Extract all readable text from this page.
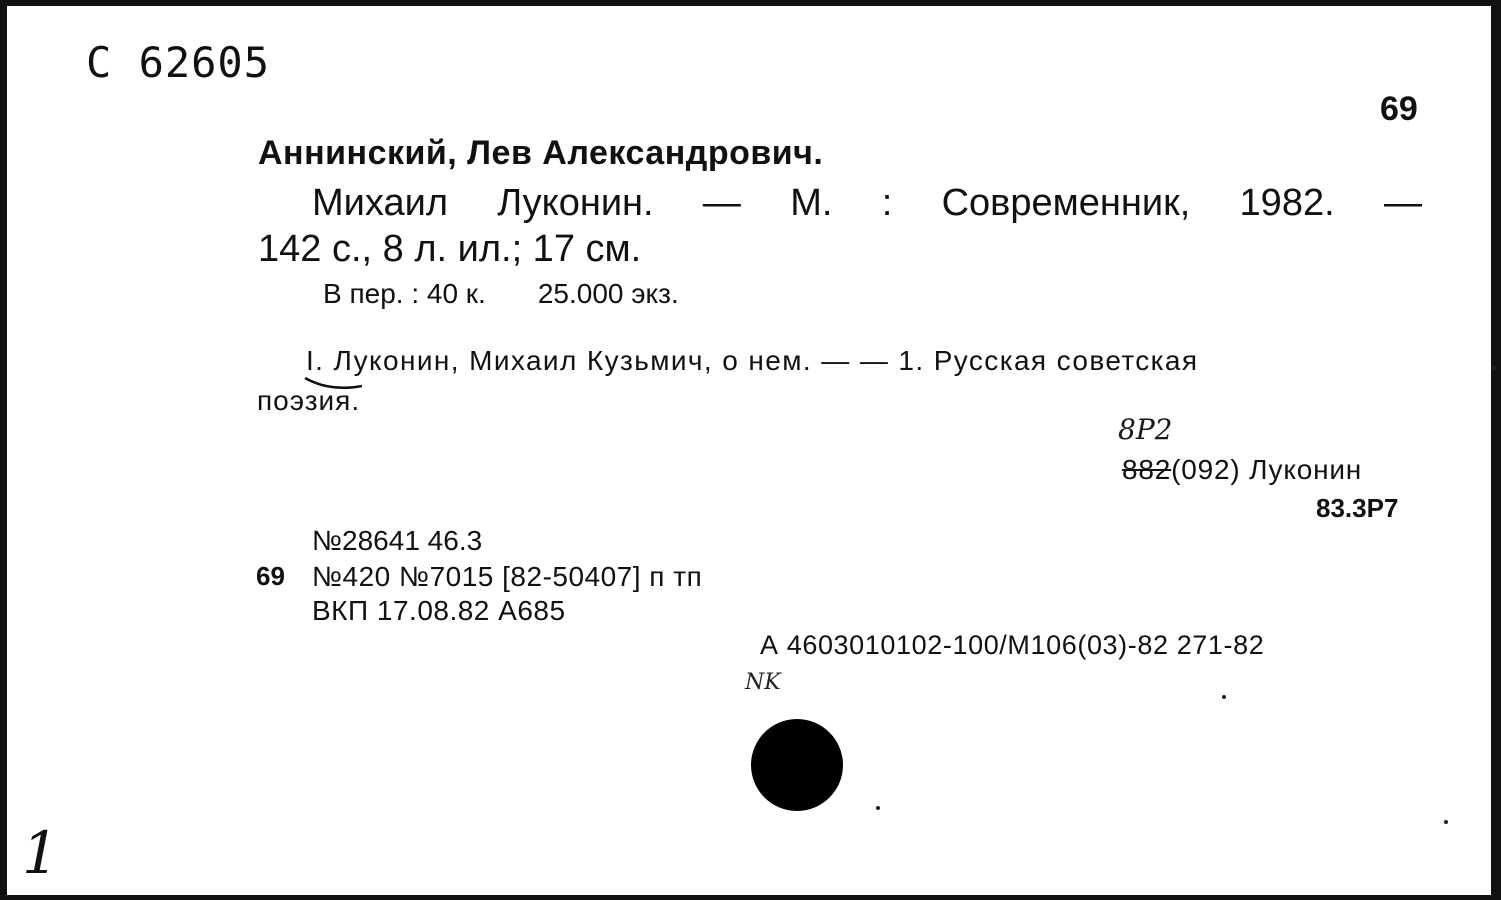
С 62605
69
Аннинский, Лев Александрович.
Михаил Луконин. — М. : Современник, 1982. —
142 с., 8 л. ил.; 17 см.
В пер. : 40 к. 25.000 экз.
I. Луконин, Михаил Кузьмич, о нем. — — 1. Русская советская
поэзия.
8Р2
882(092) Луконин
83.3Р7
№28641 46.3
69 №420 №7015 [82-50407] п тп
ВКП 17.08.82 А685
А 4603010102-100/М106(03)-82 271-82
NK
1
